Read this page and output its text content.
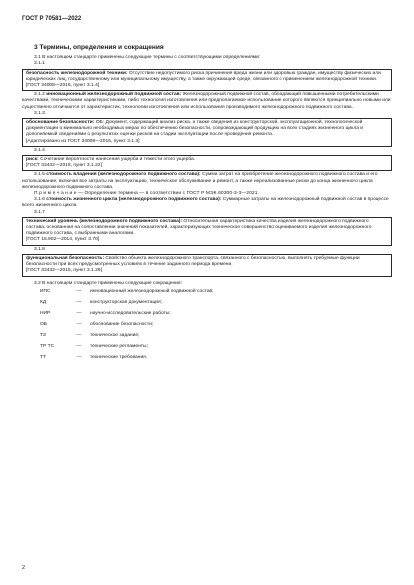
ГОСТ Р 70581—2022
3 Термины, определения и сокращения

3.1 В настоящем стандарте применены следующие термины с соответствующими определениями:

3.1.1

безопасность железнодорожной техники: Отсутствие недопустимого риска причинения вреда жизни или здоровью граждан, имуществу физических или юридических лиц, государственному или муниципальному имуществу, а также окружающей среде, связанного с применением железнодорожной техники.

[ГОСТ 34008—2016, пункт 3.1.4]

3.1.2 инновационный железнодорожный подвижной состав: Железнодорожный подвижной состав, обладающий повышенными потребительскими качествами, техническими характеристиками, либо технология изготовления или предполагаемое использование которого являются принципиально новыми или существенно отличаются от характеристик, технологии изготовления или использования производимого железнодорожного подвижного состава.

3.1.3

обоснование безопасности: ОБ: Документ, содержащий анализ риска, а также сведения из конструкторской, эксплуатационной, технологической документации о минимально необходимых мерах по обеспечению безопасности, сопровождающий продукцию на всех стадиях жизненного цикла и дополняемый сведениями о результатах оценки рисков на стадии эксплуатации после проведения ремонта.

[Адаптировано из ГОСТ 34008—2016, пункт 3.1.3]

3.1.4

риск: Сочетание вероятности нанесения ущерба и тяжести этого ущерба.

[ГОСТ 33432—2015, пункт 3.1.22]

3.1.5 стоимость владения (железнодорожного подвижного состава): Сумма затрат на приобретение железнодорожного подвижного состава и его использование, включая все затраты на эксплуатацию, техническое обслуживание и ремонт, а также нереализованные риски до конца жизненного цикла железнодорожного подвижного состава.

П р и м е ч а н и е — Определение термина — в соответствии с ГОСТ Р МЭК 60300-3-3—2021.

3.1.6 стоимость жизненного цикла (железнодорожного подвижного состава): Суммарные затраты на железнодорожный подвижной состав в процессе всего жизненного цикла.

3.1.7

технический уровень (железнодорожного подвижного состава): Относительная характеристика качества изделия железнодорожного подвижного состава, основанная на сопоставлении значений показателей, характеризующих техническое совершенство оцениваемого изделия железнодорожного подвижного состава, с выбранными аналогами.

[ГОСТ 15.902—2014, пункт 3.70]

3.1.8

функциональная безопасность: Свойство объекта железнодорожного транспорта, связанного с безопасностью, выполнять требуемые функции безопасности при всех предусмотренных условиях в течение заданного периода времени.

[ГОСТ 33432—2015, пункт 3.1.29]

3.2 В настоящем стандарте применены следующие сокращения:

ИПС	—	инновационный железнодорожный подвижной состав;
КД	—	конструкторская документация;
НИР	—	научно-исследовательские работы;
ОБ	—	обоснование безопасности;
ТЗ	—	техническое задание;
ТР ТС	—	технические регламенты;
ТТ	—	технические требования.
2
